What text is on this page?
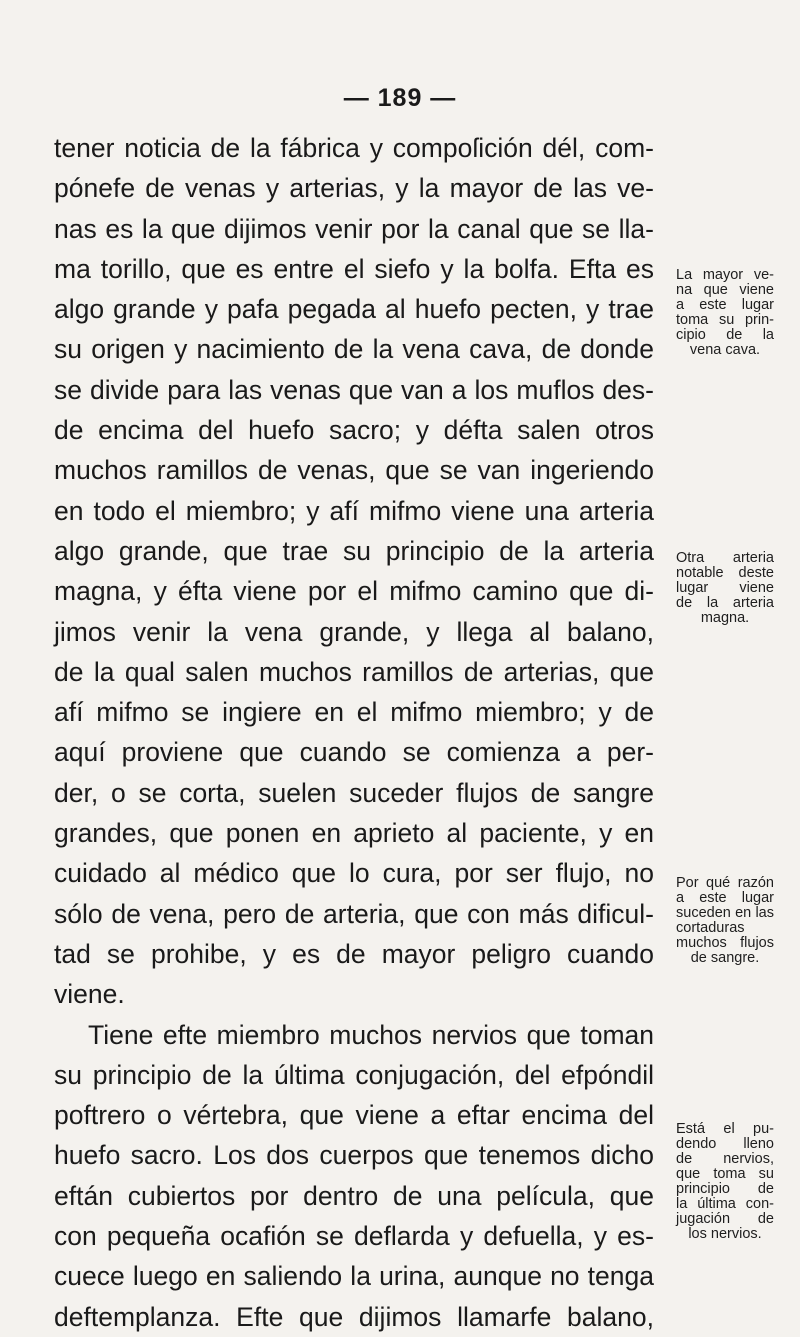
— 189 —
tener noticia de la fábrica y compoſición dél, com-
pónefe de venas y arterias, y la mayor de las ve-
nas es la que dijimos venir por la canal que se lla-
ma torillo, que es entre el siefo y la bolfa. Efta es
algo grande y pafa pegada al huefo pecten, y trae
su origen y nacimiento de la vena cava, de donde
se divide para las venas que van a los muflos des-
de encima del huefo sacro; y défta salen otros
muchos ramillos de venas, que se van ingeriendo
en todo el miembro; y afí mifmo viene una arteria
algo grande, que trae su principio de la arteria
magna, y éfta viene por el mifmo camino que di-
jimos venir la vena grande, y llega al balano,
de la qual salen muchos ramillos de arterias, que
afí mifmo se ingiere en el mifmo miembro; y de
aquí proviene que cuando se comienza a per-
der, o se corta, suelen suceder flujos de sangre
grandes, que ponen en aprieto al paciente, y en
cuidado al médico que lo cura, por ser flujo, no
sólo de vena, pero de arteria, que con más dificul-
tad se prohibe, y es de mayor peligro cuando
viene.
Tiene efte miembro muchos nervios que toman
su principio de la última conjugación, del efpóndil
poftrero o vértebra, que viene a eftar encima del
huefo sacro. Los dos cuerpos que tenemos dicho
eftán cubiertos por dentro de una película, que
con pequeña ocafión se deflarda y defuella, y es-
cuece luego en saliendo la urina, aunque no tenga
deftemplanza. Efte que dijimos llamarfe balano,
La mayor ve-
na que viene
a este lugar
toma su prin-
cipio de la
vena cava.
Otra arteria
notable deste
lugar viene
de la arteria
magna.
Por qué razón
a este lugar
suceden en las
cortaduras
muchos flujos
de sangre.
Está el pu-
dendo lleno
de nervios,
que toma su
principio de
la última con-
jugación de
los nervios.
